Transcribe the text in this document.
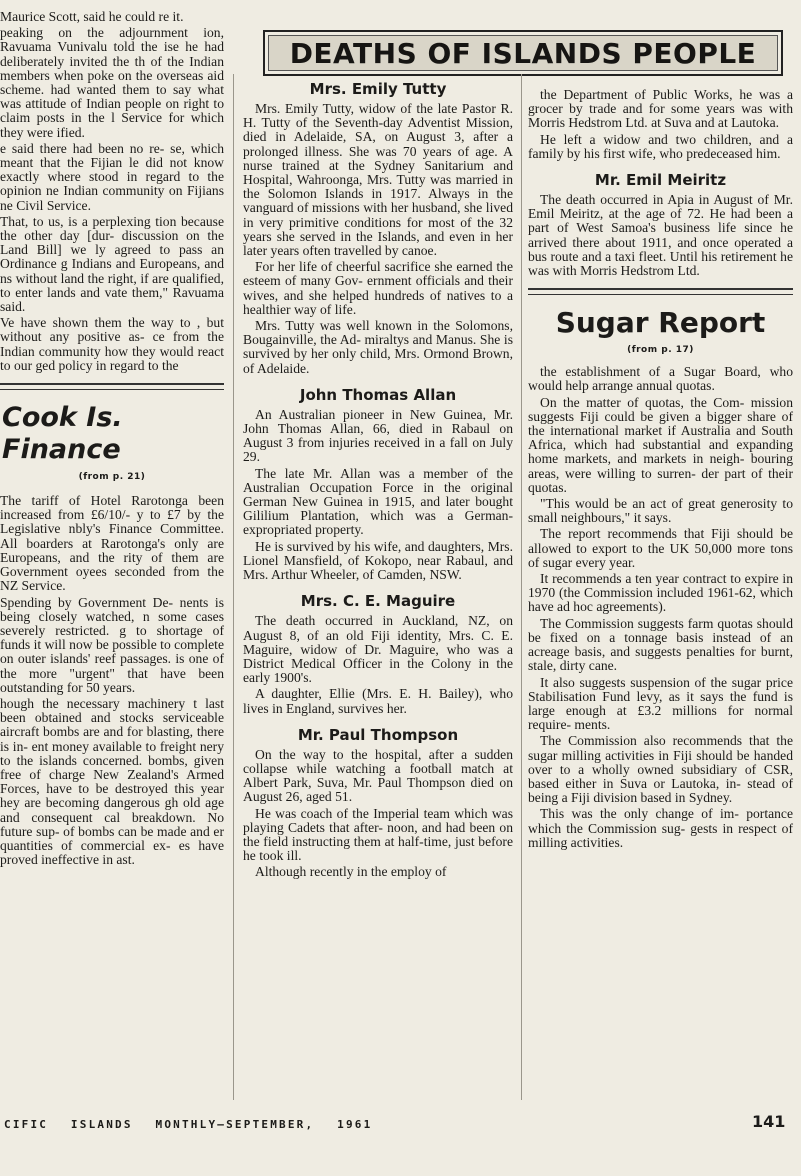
DEATHS OF ISLANDS PEOPLE

Maurice Scott, said he could re it.

peaking on the adjournment ion, Ravuama Vunivalu told the ise he had deliberately invited the th of the Indian members when poke on the overseas aid scheme. had wanted them to say what was attitude of Indian people on right to claim posts in the l Service for which they were ified.

e said there had been no re- se, which meant that the Fijian le did not know exactly where stood in regard to the opinion ne Indian community on Fijians ne Civil Service.

That, to us, is a perplexing tion because the other day [dur- discussion on the Land Bill] we ly agreed to pass an Ordinance g Indians and Europeans, and ns without land the right, if are qualified, to enter lands and vate them," Ravuama said.

Ve have shown them the way to , but without any positive as- ce from the Indian community how they would react to our ged policy in regard to the

Cook Is. Finance
(from p. 21)

The tariff of Hotel Rarotonga been increased from £6/10/- y to £7 by the Legislative nbly's Finance Committee. All boarders at Rarotonga's only are Europeans, and the rity of them are Government oyees seconded from the NZ Service.

Spending by Government De- nents is being closely watched, n some cases severely restricted. g to shortage of funds it will now be possible to complete on outer islands' reef passages. is one of the more "urgent" that have been outstanding for 50 years.

hough the necessary machinery t last been obtained and stocks serviceable aircraft bombs are and for blasting, there is in- ent money available to freight nery to the islands concerned. bombs, given free of charge New Zealand's Armed Forces, have to be destroyed this year hey are becoming dangerous gh old age and consequent cal breakdown. No future sup- of bombs can be made and er quantities of commercial ex- es have proved ineffective in ast.

Mrs. Emily Tutty

Mrs. Emily Tutty, widow of the late Pastor R. H. Tutty of the Seventh-day Adventist Mission, died in Adelaide, SA, on August 3, after a prolonged illness. She was 70 years of age. A nurse trained at the Sydney Sanitarium and Hospital, Wahroonga, Mrs. Tutty was married in the Solomon Islands in 1917. Always in the vanguard of missions with her husband, she lived in very primitive conditions for most of the 32 years she served in the Islands, and even in her later years often travelled by canoe.

For her life of cheerful sacrifice she earned the esteem of many Gov- ernment officials and their wives, and she helped hundreds of natives to a healthier way of life.

Mrs. Tutty was well known in the Solomons, Bougainville, the Ad- miraltys and Manus. She is survived by her only child, Mrs. Ormond Brown, of Adelaide.

John Thomas Allan

An Australian pioneer in New Guinea, Mr. John Thomas Allan, 66, died in Rabaul on August 3 from injuries received in a fall on July 29.

The late Mr. Allan was a member of the Australian Occupation Force in the original German New Guinea in 1915, and later bought Gililium Plantation, which was a German- expropriated property.

He is survived by his wife, and daughters, Mrs. Lionel Mansfield, of Kokopo, near Rabaul, and Mrs. Arthur Wheeler, of Camden, NSW.

Mrs. C. E. Maguire

The death occurred in Auckland, NZ, on August 8, of an old Fiji identity, Mrs. C. E. Maguire, widow of Dr. Maguire, who was a District Medical Officer in the Colony in the early 1900's.

A daughter, Ellie (Mrs. E. H. Bailey), who lives in England, survives her.

Mr. Paul Thompson

On the way to the hospital, after a sudden collapse while watching a football match at Albert Park, Suva, Mr. Paul Thompson died on August 26, aged 51.

He was coach of the Imperial team which was playing Cadets that after- noon, and had been on the field instructing them at half-time, just before he took ill.

Although recently in the employ of

the Department of Public Works, he was a grocer by trade and for some years was with Morris Hedstrom Ltd. at Suva and at Lautoka.

He left a widow and two children, and a family by his first wife, who predeceased him.

Mr. Emil Meiritz

The death occurred in Apia in August of Mr. Emil Meiritz, at the age of 72. He had been a part of West Samoa's business life since he arrived there about 1911, and once operated a bus route and a taxi fleet. Until his retirement he was with Morris Hedstrom Ltd.

Sugar Report
(from p. 17)

the establishment of a Sugar Board, who would help arrange annual quotas.

On the matter of quotas, the Com- mission suggests Fiji could be given a bigger share of the international market if Australia and South Africa, which had substantial and expanding home markets, and markets in neigh- bouring areas, were willing to surren- der part of their quotas.

"This would be an act of great generosity to small neighbours," it says.

The report recommends that Fiji should be allowed to export to the UK 50,000 more tons of sugar every year.

It recommends a ten year contract to expire in 1970 (the Commission included 1961-62, which have ad hoc agreements).

The Commission suggests farm quotas should be fixed on a tonnage basis instead of an acreage basis, and suggests penalties for burnt, stale, dirty cane.

It also suggests suspension of the sugar price Stabilisation Fund levy, as it says the fund is large enough at £3.2 millions for normal require- ments.

The Commission also recommends that the sugar milling activities in Fiji should be handed over to a wholly owned subsidiary of CSR, based either in Suva or Lautoka, in- stead of being a Fiji division based in Sydney.

This was the only change of im- portance which the Commission sug- gests in respect of milling activities.

CIFIC ISLANDS MONTHLY—SEPTEMBER, 1961	141
